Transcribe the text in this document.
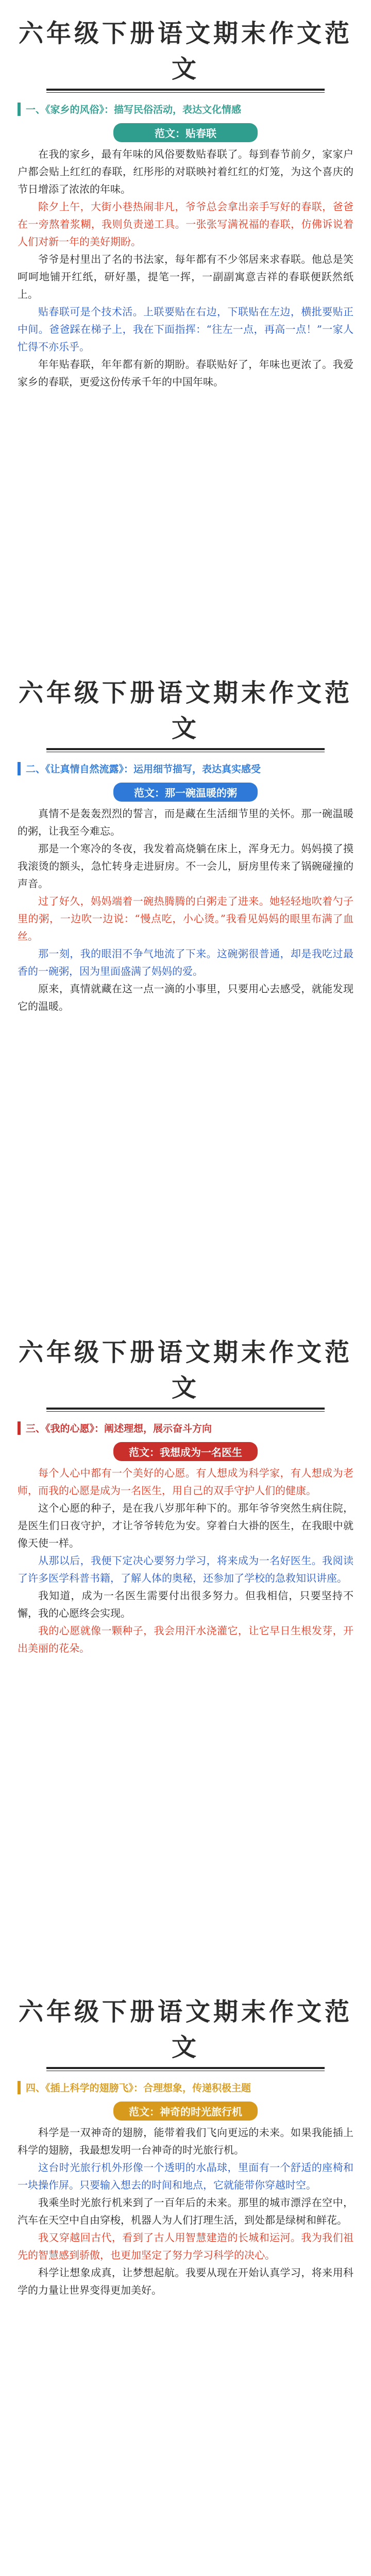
六年级下册语文期末作文范文
一、《家乡的风俗》：描写民俗活动，表达文化情感
范文：贴春联

在我的家乡，最有年味的风俗要数贴春联了。每到春节前夕，家家户户都会贴上红红的春联，红彤彤的对联映衬着红红的灯笼，为这个喜庆的节日增添了浓浓的年味。

除夕上午，大街小巷热闹非凡，爷爷总会拿出亲手写好的春联，爸爸在一旁熬着浆糊，我则负责递工具。一张张写满祝福的春联，仿佛诉说着人们对新一年的美好期盼。

爷爷是村里出了名的书法家，每年都有不少邻居来求春联。他总是笑呵呵地铺开红纸，研好墨，提笔一挥，一副副寓意吉祥的春联便跃然纸上。

贴春联可是个技术活。上联要贴在右边，下联贴在左边，横批要贴正中间。爸爸踩在梯子上，我在下面指挥：“往左一点，再高一点！”一家人忙得不亦乐乎。

年年贴春联，年年都有新的期盼。春联贴好了，年味也更浓了。我爱家乡的春联，更爱这份传承千年的中国年味。

六年级下册语文期末作文范文
二、《让真情自然流露》：运用细节描写，表达真实感受
范文：那一碗温暖的粥

真情不是轰轰烈烈的誓言，而是藏在生活细节里的关怀。那一碗温暖的粥，让我至今难忘。

那是一个寒冷的冬夜，我发着高烧躺在床上，浑身无力。妈妈摸了摸我滚烫的额头，急忙转身走进厨房。不一会儿，厨房里传来了锅碗碰撞的声音。

过了好久，妈妈端着一碗热腾腾的白粥走了进来。她轻轻地吹着勺子里的粥，一边吹一边说：“慢点吃，小心烫。”我看见妈妈的眼里布满了血丝。

那一刻，我的眼泪不争气地流了下来。这碗粥很普通，却是我吃过最香的一碗粥，因为里面盛满了妈妈的爱。

原来，真情就藏在这一点一滴的小事里，只要用心去感受，就能发现它的温暖。

六年级下册语文期末作文范文
三、《我的心愿》：阐述理想，展示奋斗方向
范文：我想成为一名医生

每个人心中都有一个美好的心愿。有人想成为科学家，有人想成为老师，而我的心愿是成为一名医生，用自己的双手守护人们的健康。

这个心愿的种子，是在我八岁那年种下的。那年爷爷突然生病住院，是医生们日夜守护，才让爷爷转危为安。穿着白大褂的医生，在我眼中就像天使一样。

从那以后，我便下定决心要努力学习，将来成为一名好医生。我阅读了许多医学科普书籍，了解人体的奥秘，还参加了学校的急救知识讲座。

我知道，成为一名医生需要付出很多努力。但我相信，只要坚持不懈，我的心愿终会实现。

我的心愿就像一颗种子，我会用汗水浇灌它，让它早日生根发芽，开出美丽的花朵。

六年级下册语文期末作文范文
四、《插上科学的翅膀飞》：合理想象，传递积极主题
范文：神奇的时光旅行机

科学是一双神奇的翅膀，能带着我们飞向更远的未来。如果我能插上科学的翅膀，我最想发明一台神奇的时光旅行机。

这台时光旅行机外形像一个透明的水晶球，里面有一个舒适的座椅和一块操作屏。只要输入想去的时间和地点，它就能带你穿越时空。

我乘坐时光旅行机来到了一百年后的未来。那里的城市漂浮在空中，汽车在天空中自由穿梭，机器人为人们打理生活，到处都是绿树和鲜花。

我又穿越回古代，看到了古人用智慧建造的长城和运河。我为我们祖先的智慧感到骄傲，也更加坚定了努力学习科学的决心。

科学让想象成真，让梦想起航。我要从现在开始认真学习，将来用科学的力量让世界变得更加美好。
